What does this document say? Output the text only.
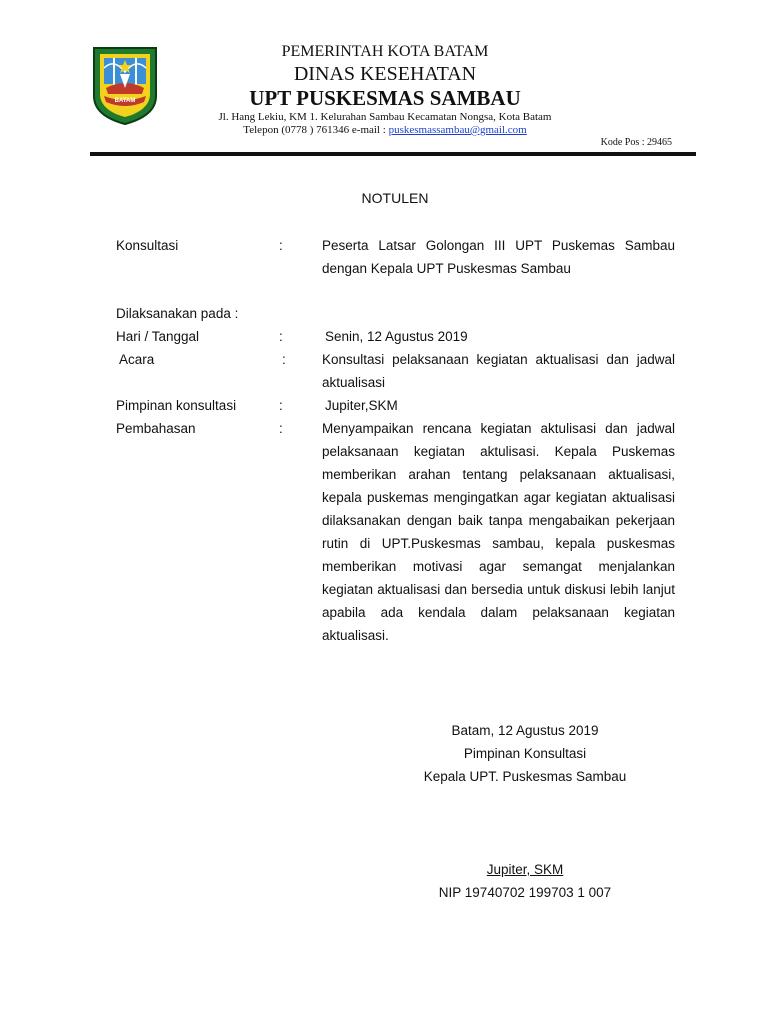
BATAM
PEMERINTAH KOTA BATAM
DINAS KESEHATAN
UPT PUSKESMAS SAMBAU
Jl. Hang Lekiu, KM 1. Kelurahan Sambau Kecamatan Nongsa, Kota Batam
Telepon (0778 ) 761346 e-mail : puskesmassambau@gmail.com
Kode Pos : 29465
NOTULEN
Konsultasi	:	Peserta Latsar Golongan III UPT Puskemas Sambau dengan Kepala UPT Puskesmas Sambau
Dilaksanakan pada :
Hari / Tanggal	:	Senin, 12 Agustus 2019
Acara	:	Konsultasi pelaksanaan kegiatan aktualisasi dan jadwal aktualisasi
Pimpinan konsultasi	:	Jupiter,SKM
Pembahasan	:	Menyampaikan rencana kegiatan aktulisasi dan jadwal pelaksanaan kegiatan aktulisasi. Kepala Puskemas memberikan arahan tentang pelaksanaan aktualisasi, kepala puskemas mengingatkan agar kegiatan aktualisasi dilaksanakan dengan baik tanpa mengabaikan pekerjaan rutin di UPT.Puskesmas sambau, kepala puskesmas memberikan motivasi agar semangat menjalankan kegiatan aktualisasi dan bersedia untuk diskusi lebih lanjut apabila ada kendala dalam pelaksanaan kegiatan aktualisasi.
Batam, 12 Agustus 2019
Pimpinan Konsultasi
Kepala UPT. Puskesmas Sambau
Jupiter, SKM
NIP 19740702 199703 1 007
